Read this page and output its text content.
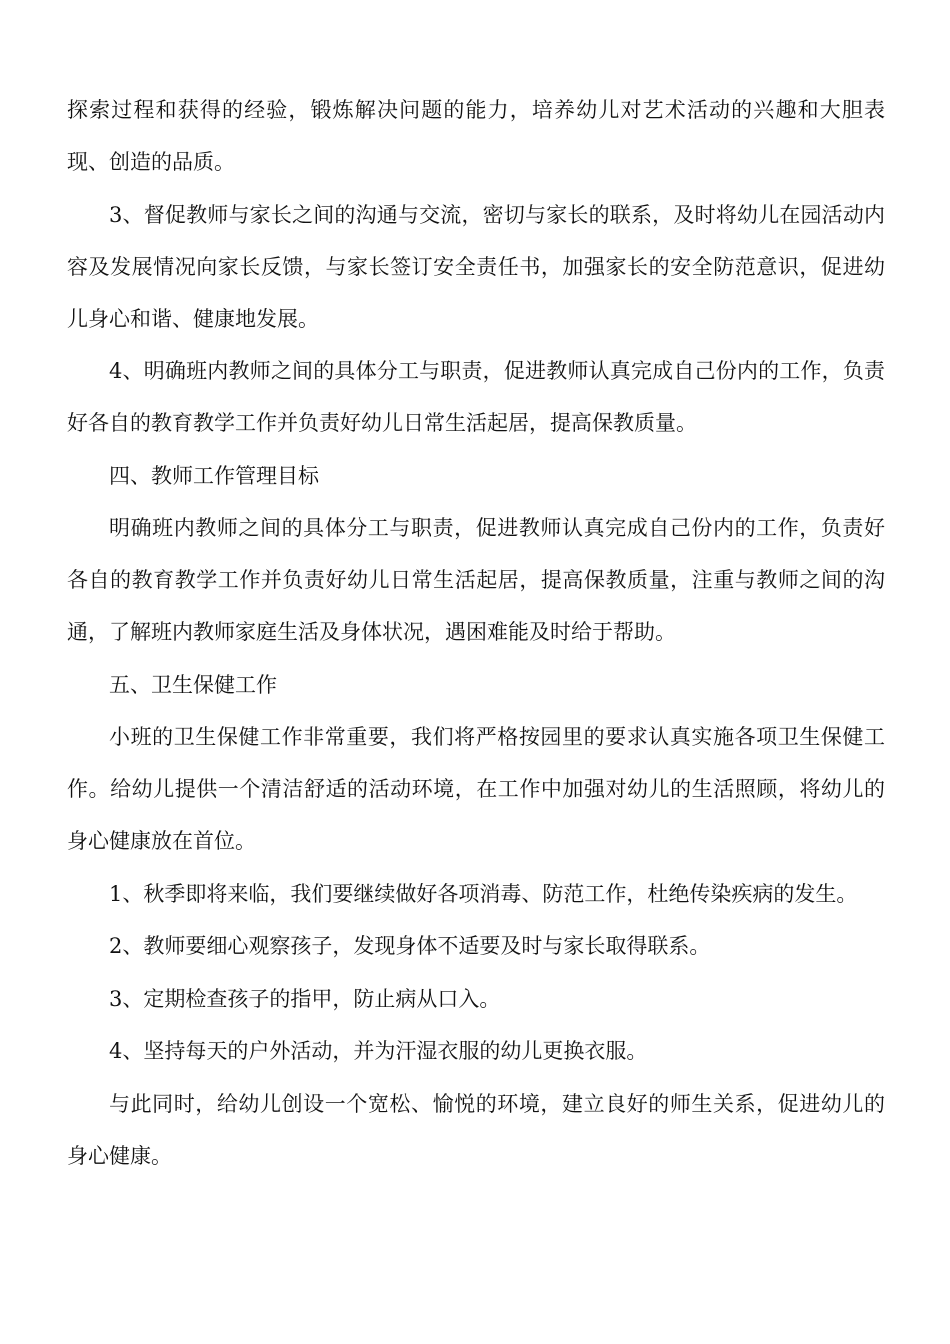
探索过程和获得的经验，锻炼解决问题的能力，培养幼儿对艺术活动的兴趣和大胆表现、创造的品质。

3、督促教师与家长之间的沟通与交流，密切与家长的联系，及时将幼儿在园活动内容及发展情况向家长反馈，与家长签订安全责任书，加强家长的安全防范意识，促进幼儿身心和谐、健康地发展。

4、明确班内教师之间的具体分工与职责，促进教师认真完成自己份内的工作，负责好各自的教育教学工作并负责好幼儿日常生活起居，提高保教质量。

四、教师工作管理目标

明确班内教师之间的具体分工与职责，促进教师认真完成自己份内的工作，负责好各自的教育教学工作并负责好幼儿日常生活起居，提高保教质量，注重与教师之间的沟通，了解班内教师家庭生活及身体状况，遇困难能及时给于帮助。

五、卫生保健工作

小班的卫生保健工作非常重要，我们将严格按园里的要求认真实施各项卫生保健工作。给幼儿提供一个清洁舒适的活动环境，在工作中加强对幼儿的生活照顾，将幼儿的身心健康放在首位。

1、秋季即将来临，我们要继续做好各项消毒、防范工作，杜绝传染疾病的发生。

2、教师要细心观察孩子，发现身体不适要及时与家长取得联系。

3、定期检查孩子的指甲，防止病从口入。

4、坚持每天的户外活动，并为汗湿衣服的幼儿更换衣服。

与此同时，给幼儿创设一个宽松、愉悦的环境，建立良好的师生关系，促进幼儿的身心健康。
